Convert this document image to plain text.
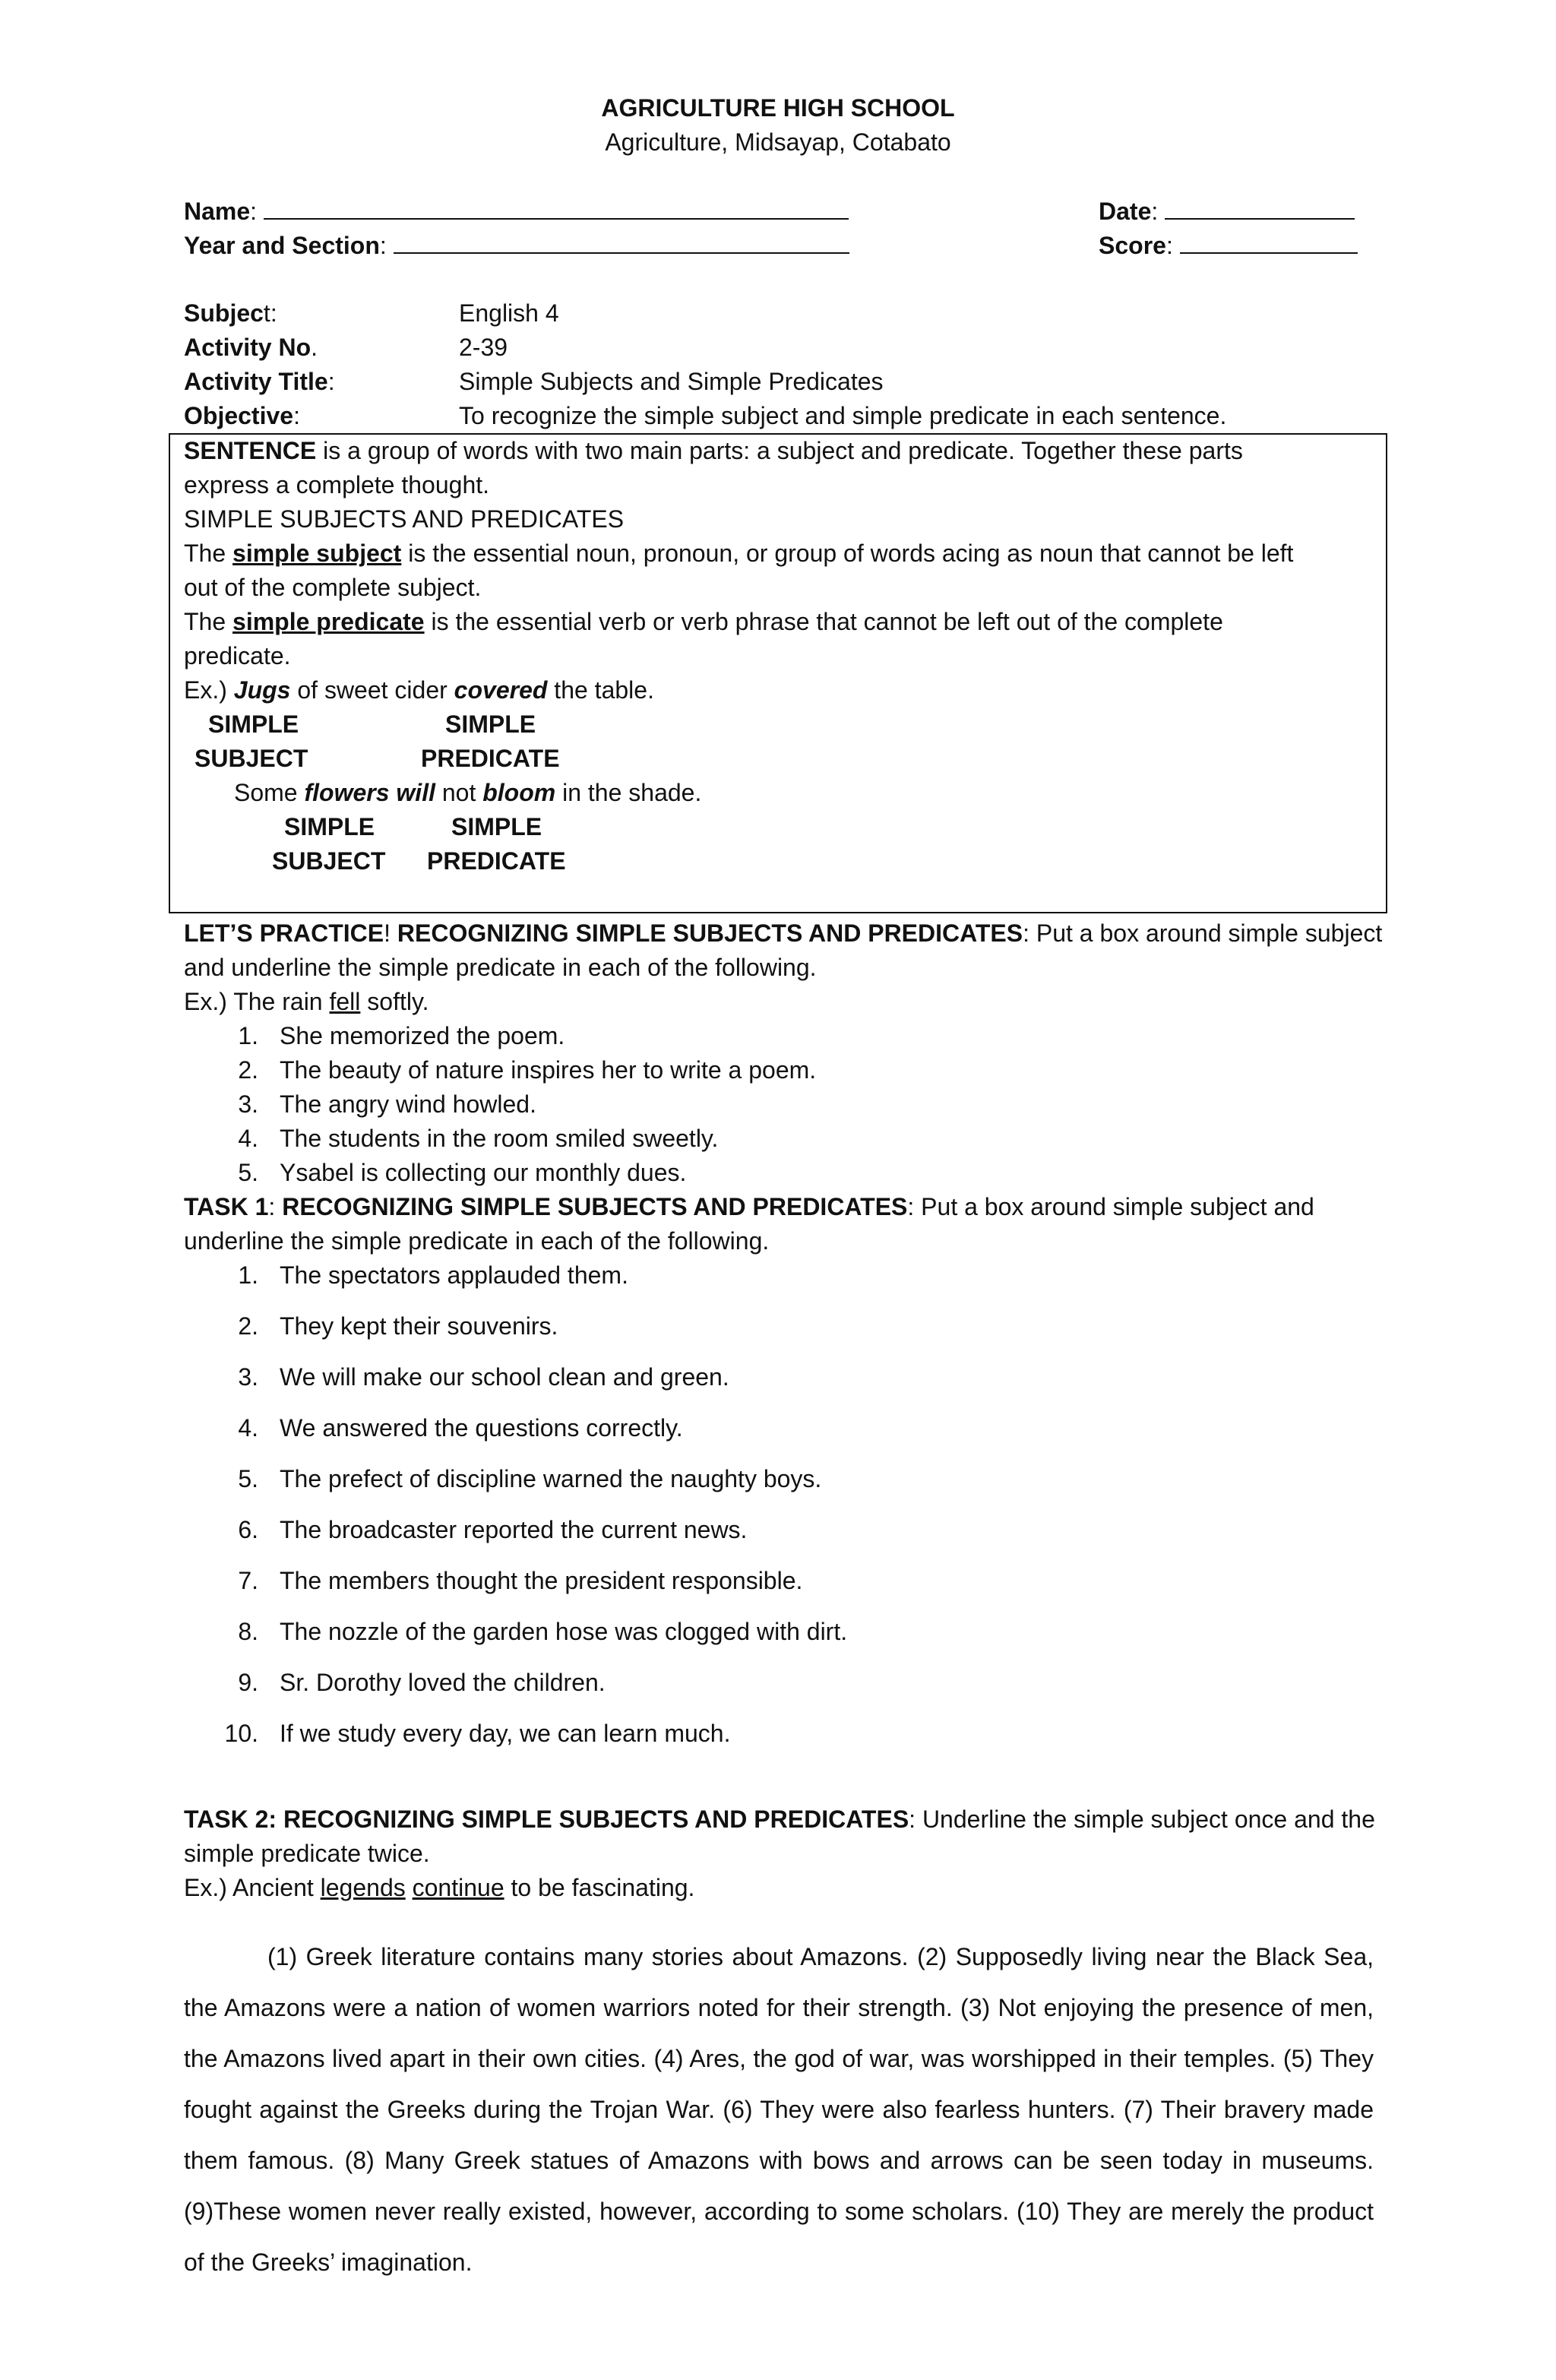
AGRICULTURE HIGH SCHOOL
Agriculture, Midsayap, Cotabato
Name:	Date:
Year and Section:	Score:
Subject:	English 4
Activity No.	2-39
Activity Title:	Simple Subjects and Simple Predicates
Objective:	To recognize the simple subject and simple predicate in each sentence.
SENTENCE is a group of words with two main parts: a subject and predicate. Together these parts
express a complete thought.
SIMPLE SUBJECTS AND PREDICATES
The simple subject is the essential noun, pronoun, or group of words acing as noun that cannot be left
out of the complete subject.
The simple predicate is the essential verb or verb phrase that cannot be left out of the complete
predicate.
Ex.) Jugs of sweet cider covered the table.
SIMPLE	SIMPLE
SUBJECT	PREDICATE
Some flowers will not bloom in the shade.
SIMPLE	SIMPLE
SUBJECT PREDICATE
LET’S PRACTICE! RECOGNIZING SIMPLE SUBJECTS AND PREDICATES: Put a box around simple subject
and underline the simple predicate in each of the following.
Ex.) The rain fell softly.
1. She memorized the poem.
2. The beauty of nature inspires her to write a poem.
3. The angry wind howled.
4. The students in the room smiled sweetly.
5. Ysabel is collecting our monthly dues.
TASK 1: RECOGNIZING SIMPLE SUBJECTS AND PREDICATES: Put a box around simple subject and
underline the simple predicate in each of the following.
1. The spectators applauded them.
2. They kept their souvenirs.
3. We will make our school clean and green.
4. We answered the questions correctly.
5. The prefect of discipline warned the naughty boys.
6. The broadcaster reported the current news.
7. The members thought the president responsible.
8. The nozzle of the garden hose was clogged with dirt.
9. Sr. Dorothy loved the children.
10. If we study every day, we can learn much.
TASK 2: RECOGNIZING SIMPLE SUBJECTS AND PREDICATES: Underline the simple subject once and the
simple predicate twice.
Ex.) Ancient legends continue to be fascinating.
(1) Greek literature contains many stories about Amazons. (2) Supposedly living near the Black Sea, the Amazons were a nation of women warriors noted for their strength. (3) Not enjoying the presence of men, the Amazons lived apart in their own cities. (4) Ares, the god of war, was worshipped in their temples. (5) They fought against the Greeks during the Trojan War. (6) They were also fearless hunters. (7) Their bravery made them famous. (8) Many Greek statues of Amazons with bows and arrows can be seen today in museums. (9)These women never really existed, however, according to some scholars. (10) They are merely the product of the Greeks’ imagination.
